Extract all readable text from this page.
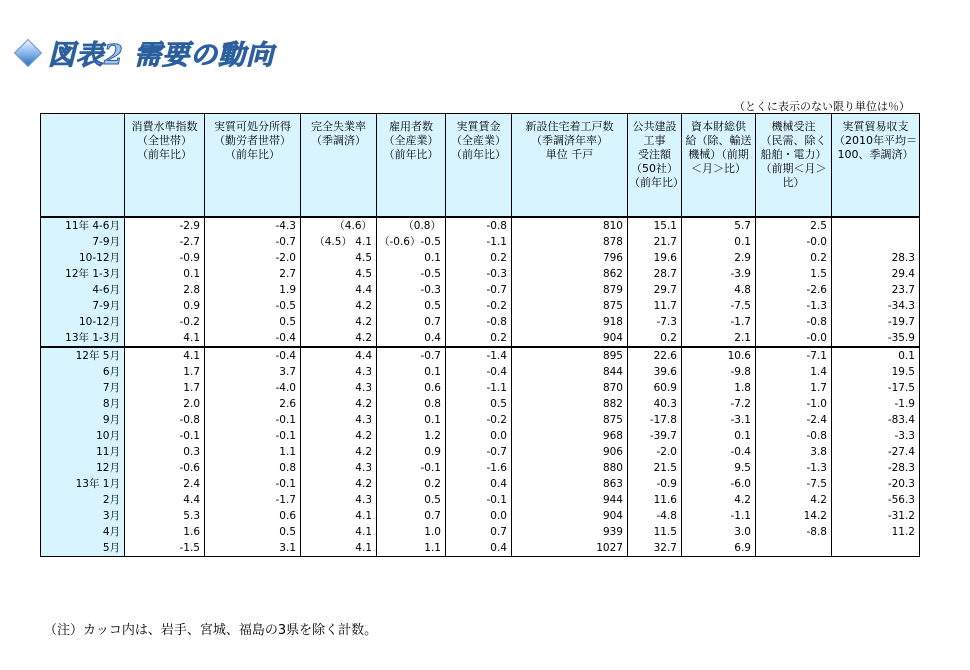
図表2 需要の動向
（とくに表示のない限り単位は％）
	消費水準指数
（全世帯）
（前年比）	実質可処分所得
（勤労者世帯）
（前年比）	完全失業率
（季調済）	雇用者数
（全産業）
（前年比）	実質賃金
（全産業）
（前年比）	新設住宅着工戸数
（季調済年率）
単位 千戸	公共建設
工事
受注額
（50社）
（前年比）	資本財総供
給（除、輸送
機械）（前期
＜月＞比）	機械受注
（民需、除く
船舶・電力）
（前期＜月＞
比）	実質貿易収支
（2010年平均＝
100、季調済）
11年 4-6月	-2.9	-4.3	（4.6）	（0.8）	-0.8	810	15.1	5.7	2.5	
7-9月	-2.7	-0.7	（4.5） 4.1	（-0.6）-0.5	-1.1	878	21.7	0.1	-0.0	
10-12月	-0.9	-2.0	4.5	0.1	0.2	796	19.6	2.9	0.2	28.3
12年 1-3月	0.1	2.7	4.5	-0.5	-0.3	862	28.7	-3.9	1.5	29.4
4-6月	2.8	1.9	4.4	-0.3	-0.7	879	29.7	4.8	-2.6	23.7
7-9月	0.9	-0.5	4.2	0.5	-0.2	875	11.7	-7.5	-1.3	-34.3
10-12月	-0.2	0.5	4.2	0.7	-0.8	918	-7.3	-1.7	-0.8	-19.7
13年 1-3月	4.1	-0.4	4.2	0.4	0.2	904	0.2	2.1	-0.0	-35.9
12年 5月	4.1	-0.4	4.4	-0.7	-1.4	895	22.6	10.6	-7.1	0.1
6月	1.7	3.7	4.3	0.1	-0.4	844	39.6	-9.8	1.4	19.5
7月	1.7	-4.0	4.3	0.6	-1.1	870	60.9	1.8	1.7	-17.5
8月	2.0	2.6	4.2	0.8	0.5	882	40.3	-7.2	-1.0	-1.9
9月	-0.8	-0.1	4.3	0.1	-0.2	875	-17.8	-3.1	-2.4	-83.4
10月	-0.1	-0.1	4.2	1.2	0.0	968	-39.7	0.1	-0.8	-3.3
11月	0.3	1.1	4.2	0.9	-0.7	906	-2.0	-0.4	3.8	-27.4
12月	-0.6	0.8	4.3	-0.1	-1.6	880	21.5	9.5	-1.3	-28.3
13年 1月	2.4	-0.1	4.2	0.2	0.4	863	-0.9	-6.0	-7.5	-20.3
2月	4.4	-1.7	4.3	0.5	-0.1	944	11.6	4.2	4.2	-56.3
3月	5.3	0.6	4.1	0.7	0.0	904	-4.8	-1.1	14.2	-31.2
4月	1.6	0.5	4.1	1.0	0.7	939	11.5	3.0	-8.8	11.2
5月	-1.5	3.1	4.1	1.1	0.4	1027	32.7	6.9		
（注）カッコ内は、岩手、宮城、福島の3県を除く計数。
